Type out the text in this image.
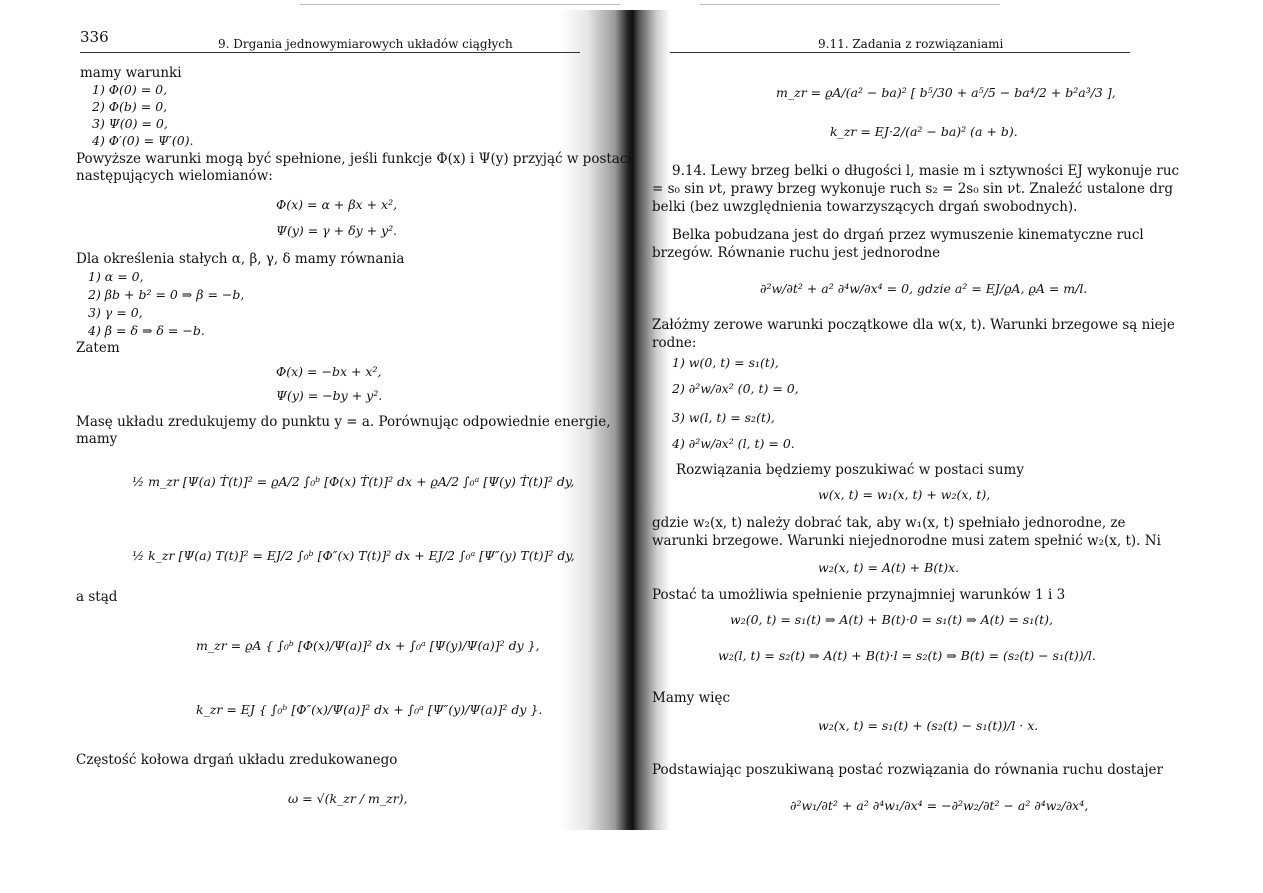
336	9. Drgania jednowymiarowych układów ciągłych
mamy warunki
1) Φ(0) = 0,
2) Φ(b) = 0,
3) Ψ(0) = 0,
4) Φ′(0) = Ψ′(0).
Powyższe warunki mogą być spełnione, jeśli funkcje Φ(x) i Ψ(y) przyjąć w postaci
następujących wielomianów:
Φ(x) = α + βx + x²,
Ψ(y) = γ + δy + y².
Dla określenia stałych α, β, γ, δ mamy równania
1) α = 0,
2) βb + b² = 0 ⇒ β = −b,
3) γ = 0,
4) β = δ ⇒ δ = −b.
Zatem
Φ(x) = −bx + x²,
Ψ(y) = −by + y².
Masę układu zredukujemy do punktu y = a. Porównując odpowiednie energie,
mamy
½ m_zr [Ψ(a) Ṫ(t)]² = ϱA/2 ∫₀ᵇ [Φ(x) Ṫ(t)]² dx + ϱA/2 ∫₀ᵃ [Ψ(y) Ṫ(t)]² dy,
½ k_zr [Ψ(a) T(t)]² = EJ/2 ∫₀ᵇ [Φ″(x) T(t)]² dx + EJ/2 ∫₀ᵃ [Ψ″(y) T(t)]² dy,
a stąd
m_zr = ϱA { ∫₀ᵇ [Φ(x)/Ψ(a)]² dx + ∫₀ᵃ [Ψ(y)/Ψ(a)]² dy },
k_zr = EJ { ∫₀ᵇ [Φ″(x)/Ψ(a)]² dx + ∫₀ᵃ [Ψ″(y)/Ψ(a)]² dy }.
Częstość kołowa drgań układu zredukowanego
ω = √(k_zr / m_zr),
9.11. Zadania z rozwiązaniami
m_zr = ϱA/(a² − ba)² [ b⁵/30 + a⁵/5 − ba⁴/2 + b²a³/3 ],
k_zr = EJ·2/(a² − ba)² (a + b).
9.14. Lewy brzeg belki o długości l, masie m i sztywności EJ wykonuje ruc
= s₀ sin νt, prawy brzeg wykonuje ruch s₂ = 2s₀ sin νt. Znaleźć ustalone drg
belki (bez uwzględnienia towarzyszących drgań swobodnych).
Belka pobudzana jest do drgań przez wymuszenie kinematyczne rucl
brzegów. Równanie ruchu jest jednorodne
∂²w/∂t² + a² ∂⁴w/∂x⁴ = 0, gdzie a² = EJ/ϱA, ϱA = m/l.
Załóżmy zerowe warunki początkowe dla w(x, t). Warunki brzegowe są nieje
rodne:
1) w(0, t) = s₁(t),
2) ∂²w/∂x² (0, t) = 0,
3) w(l, t) = s₂(t),
4) ∂²w/∂x² (l, t) = 0.
Rozwiązania będziemy poszukiwać w postaci sumy
w(x, t) = w₁(x, t) + w₂(x, t),
gdzie w₂(x, t) należy dobrać tak, aby w₁(x, t) spełniało jednorodne, ze
warunki brzegowe. Warunki niejednorodne musi zatem spełnić w₂(x, t). Ni
w₂(x, t) = A(t) + B(t)x.
Postać ta umożliwia spełnienie przynajmniej warunków 1 i 3
w₂(0, t) = s₁(t) ⇒ A(t) + B(t)·0 = s₁(t) ⇒ A(t) = s₁(t),
w₂(l, t) = s₂(t) ⇒ A(t) + B(t)·l = s₂(t) ⇒ B(t) = (s₂(t) − s₁(t))/l.
Mamy więc
w₂(x, t) = s₁(t) + (s₂(t) − s₁(t))/l · x.
Podstawiając poszukiwaną postać rozwiązania do równania ruchu dostajer
∂²w₁/∂t² + a² ∂⁴w₁/∂x⁴ = −∂²w₂/∂t² − a² ∂⁴w₂/∂x⁴,
